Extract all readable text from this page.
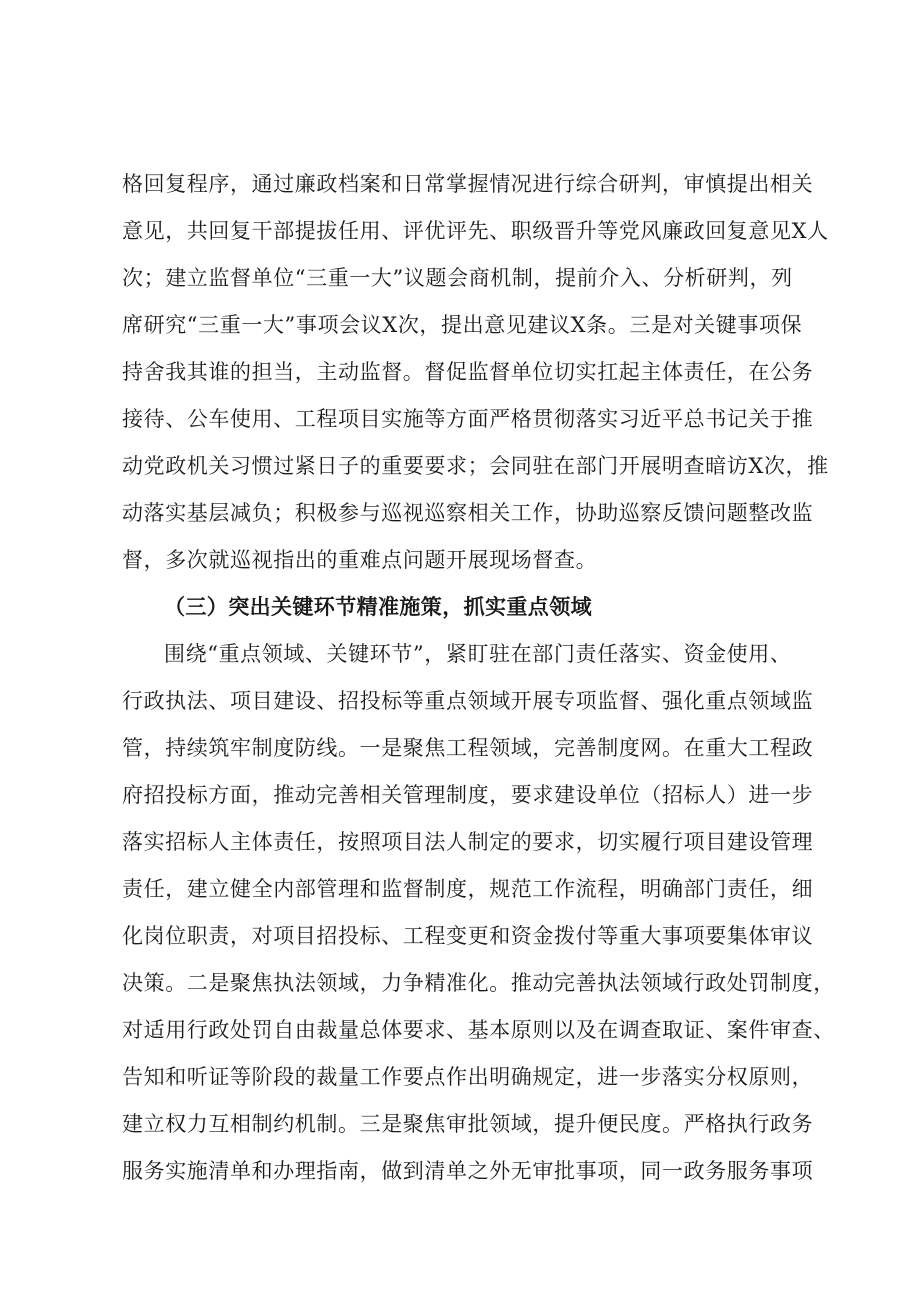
格回复程序，通过廉政档案和日常掌握情况进行综合研判，审慎提出相关
意见，共回复干部提拔任用、评优评先、职级晋升等党风廉政回复意见X人
次；建立监督单位“三重一大”议题会商机制，提前介入、分析研判，列
席研究“三重一大”事项会议X次，提出意见建议X条。三是对关键事项保
持舍我其谁的担当，主动监督。督促监督单位切实扛起主体责任，在公务
接待、公车使用、工程项目实施等方面严格贯彻落实习近平总书记关于推
动党政机关习惯过紧日子的重要要求；会同驻在部门开展明查暗访X次，推
动落实基层减负；积极参与巡视巡察相关工作，协助巡察反馈问题整改监
督，多次就巡视指出的重难点问题开展现场督查。
（三）突出关键环节精准施策，抓实重点领域
围绕“重点领域、关键环节”，紧盯驻在部门责任落实、资金使用、
行政执法、项目建设、招投标等重点领域开展专项监督、强化重点领域监
管，持续筑牢制度防线。一是聚焦工程领域，完善制度网。在重大工程政
府招投标方面，推动完善相关管理制度，要求建设单位（招标人）进一步
落实招标人主体责任，按照项目法人制定的要求，切实履行项目建设管理
责任，建立健全内部管理和监督制度，规范工作流程，明确部门责任，细
化岗位职责，对项目招投标、工程变更和资金拨付等重大事项要集体审议
决策。二是聚焦执法领域，力争精准化。推动完善执法领域行政处罚制度，
对适用行政处罚自由裁量总体要求、基本原则以及在调查取证、案件审查、
告知和听证等阶段的裁量工作要点作出明确规定，进一步落实分权原则，
建立权力互相制约机制。三是聚焦审批领域，提升便民度。严格执行政务
服务实施清单和办理指南，做到清单之外无审批事项，同一政务服务事项
